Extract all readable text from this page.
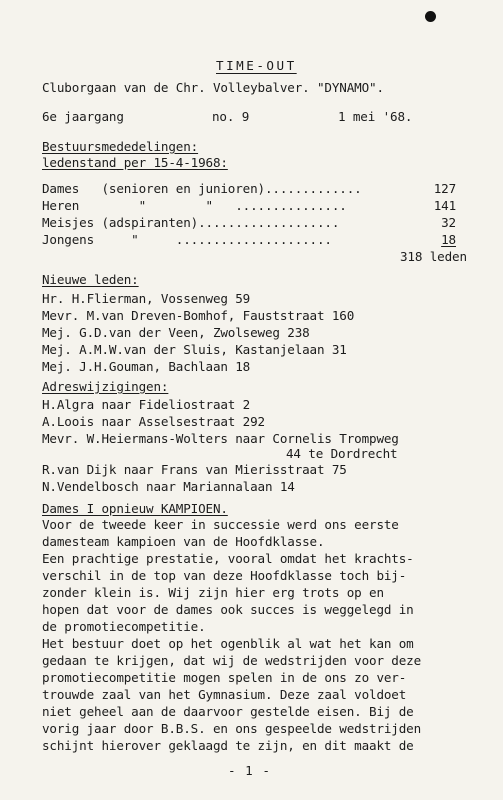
TIME-OUT
Cluborgaan van de Chr. Volleybalver. "DYNAMO".
6e jaargang	no. 9	1 mei '68.
Bestuursmededelingen:
ledenstand per 15-4-1968:
Dames   (senioren en junioren).............	127
Heren        "        "   ...............	141
Meisjes (adspiranten)...................	32
Jongens     "     .....................	18
318 leden
Nieuwe leden:
Hr. H.Flierman, Vossenweg 59
Mevr. M.van Dreven-Bomhof, Fauststraat 160
Mej. G.D.van der Veen, Zwolseweg 238
Mej. A.M.W.van der Sluis, Kastanjelaan 31
Mej. J.H.Gouman, Bachlaan 18
Adreswijzigingen:
H.Algra naar Fideliostraat 2
A.Loois naar Asselsestraat 292
Mevr. W.Heiermans-Wolters naar Cornelis Trompweg
44 te Dordrecht
R.van Dijk naar Frans van Mierisstraat 75
N.Vendelbosch naar Mariannalaan 14
Dames I opnieuw KAMPIOEN.
Voor de tweede keer in successie werd ons eerste
damesteam kampioen van de Hoofdklasse.
Een prachtige prestatie, vooral omdat het krachts-
verschil in de top van deze Hoofdklasse toch bij-
zonder klein is. Wij zijn hier erg trots op en
hopen dat voor de dames ook succes is weggelegd in
de promotiecompetitie.
Het bestuur doet op het ogenblik al wat het kan om
gedaan te krijgen, dat wij de wedstrijden voor deze
promotiecompetitie mogen spelen in de ons zo ver-
trouwde zaal van het Gymnasium. Deze zaal voldoet
niet geheel aan de daarvoor gestelde eisen. Bij de
vorig jaar door B.B.S. en ons gespeelde wedstrijden
schijnt hierover geklaagd te zijn, en dit maakt de
- 1 -
